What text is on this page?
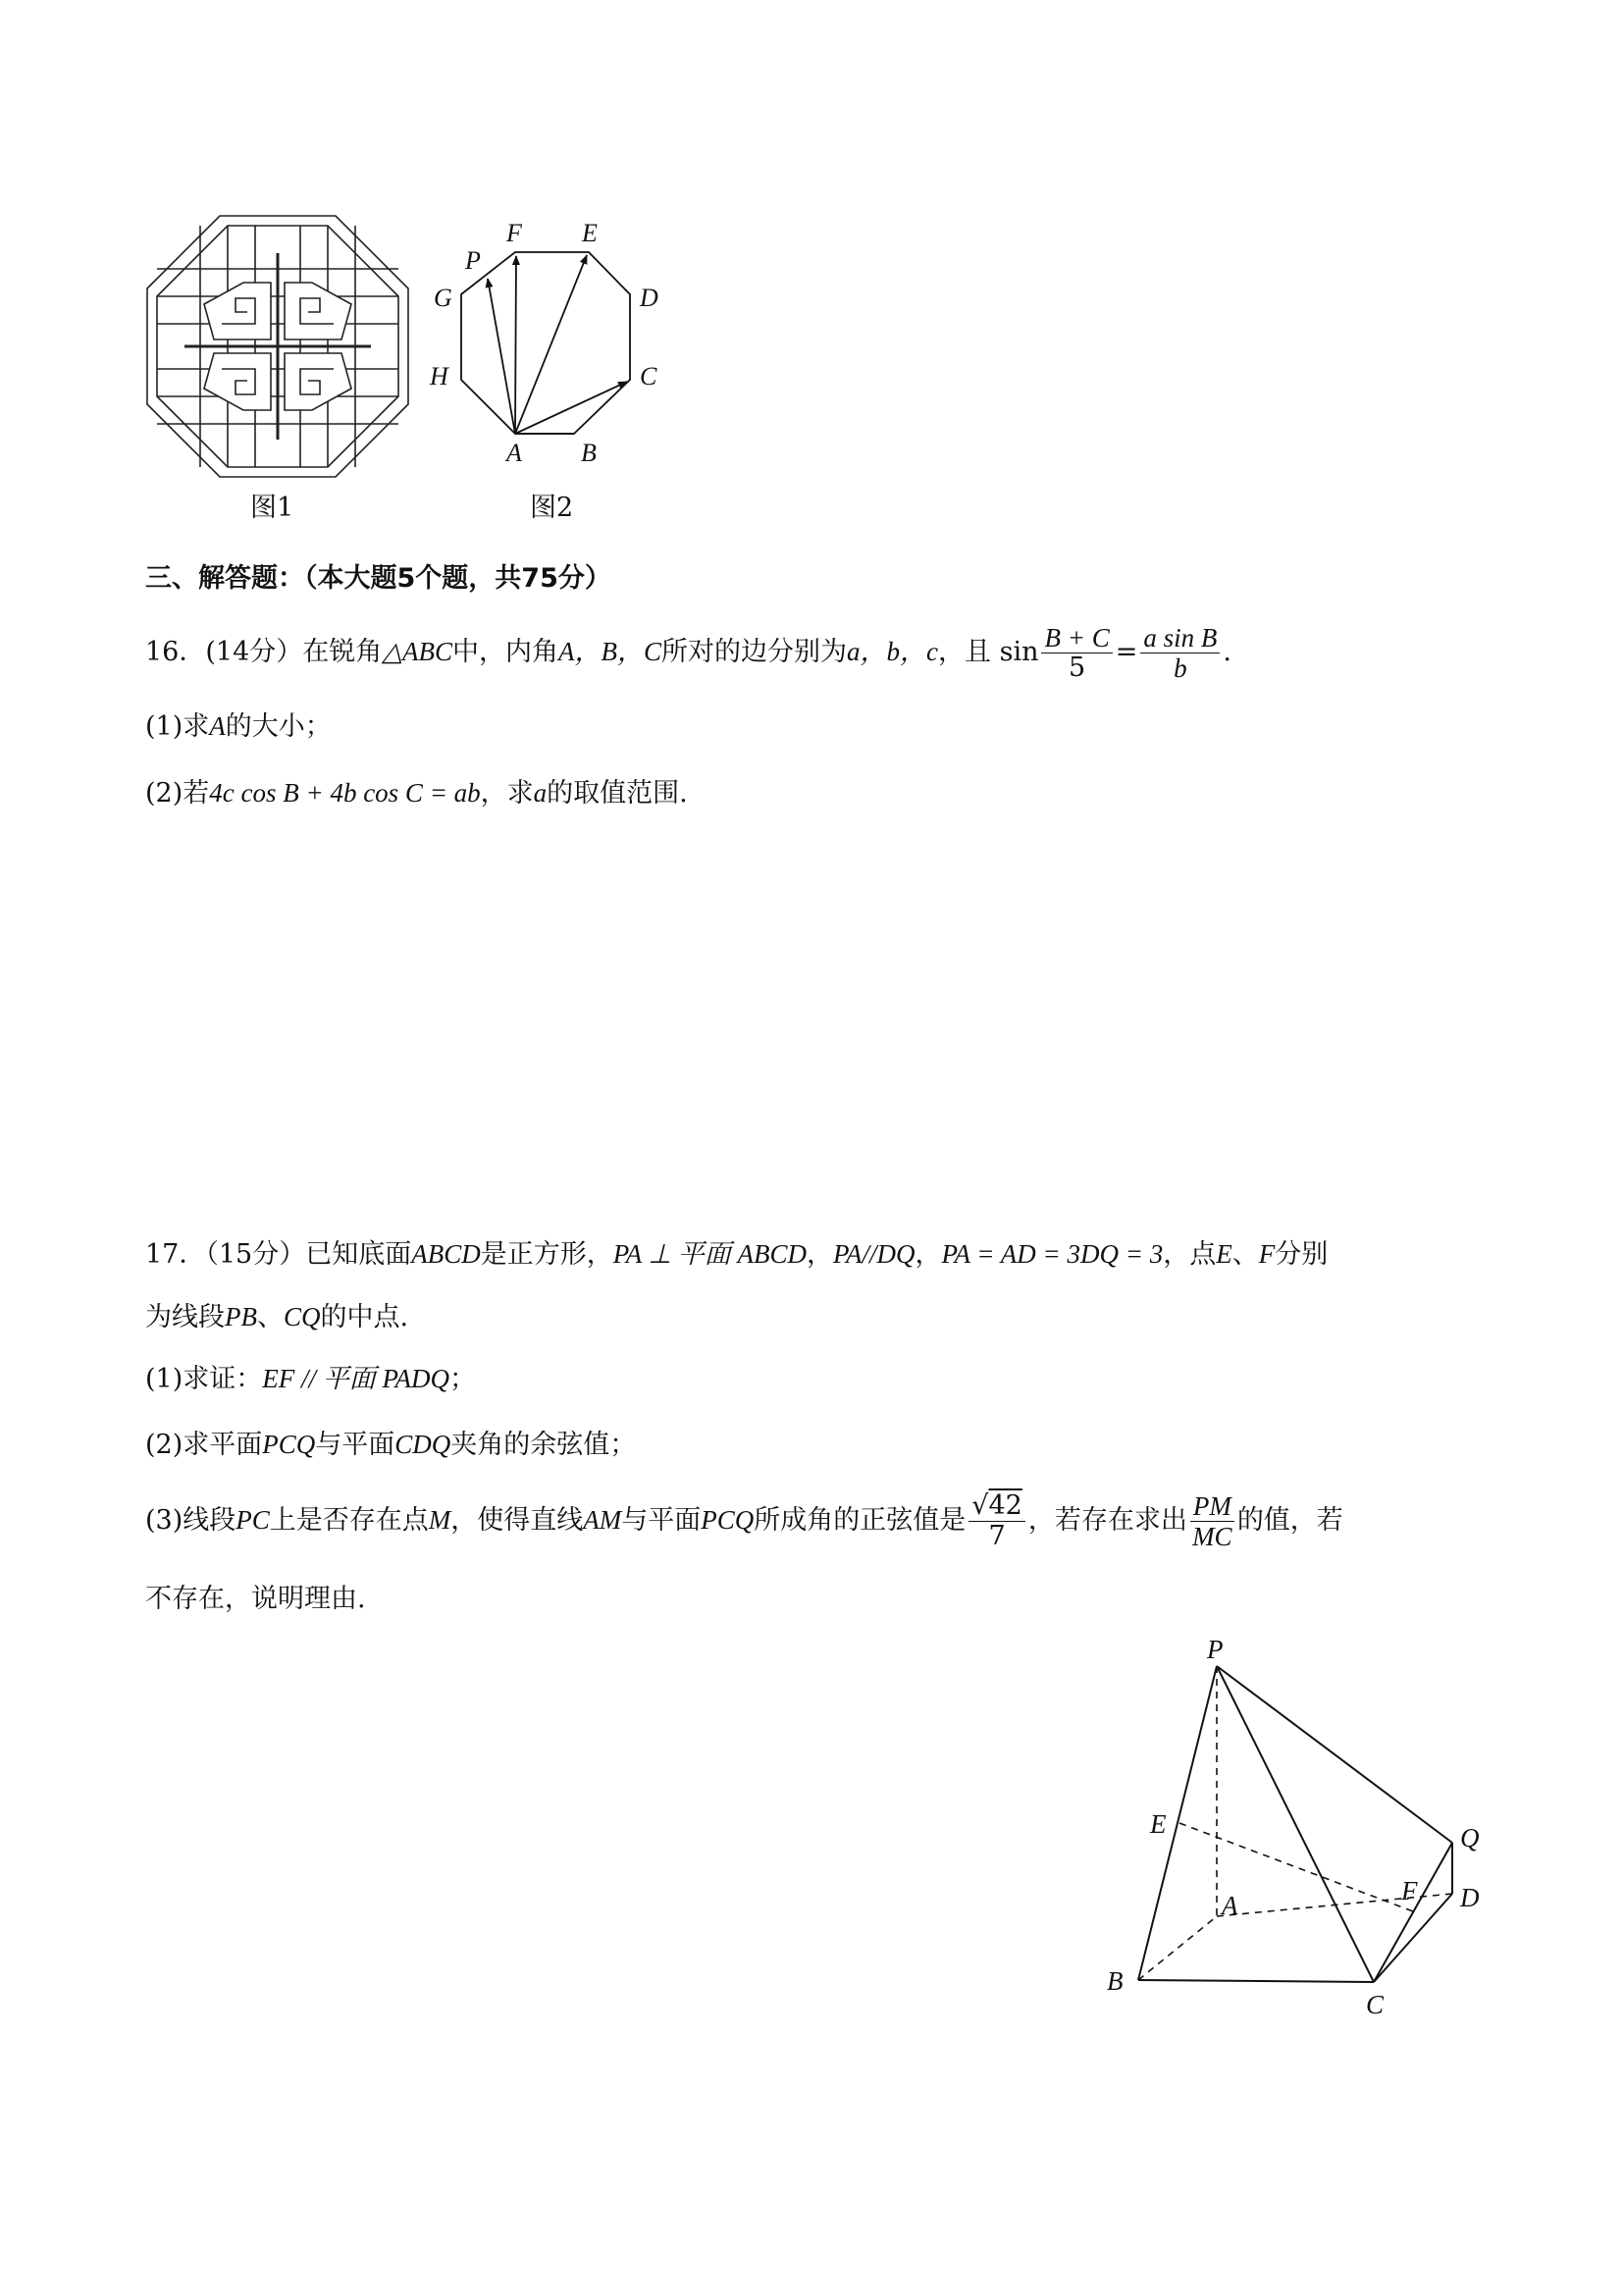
图1
A B
C
D
E
F
G
H
P
图2
三、解答题：（本大题5个题，共75分）
16．(14分）在锐角△ABC中，内角A，B，C所对的边分别为a，b，c，且 $\sin \frac{B + C}{5} = \frac{\text{a sin B}}{b}$ .
(1)求A的大小；
(2)若4c cos B + 4b cos C = ab，求a的取值范围.
17．（15分）已知底面ABCD是正方形，PA ⊥ 平面 ABCD，PA//DQ，PA = AD = 3DQ = 3，点E、F分别
为线段PB、CQ的中点.
(1)求证：EF // 平面 PADQ；
(2)求平面PCQ与平面CDQ夹角的余弦值；
(3)线段PC上是否存在点M，使得直线AM与平面PCQ所成角的正弦值是 $\frac{√42}{7}$ ，若存在求出 $\frac{PM}{MC}$ 的值，若
不存在，说明理由.
P
E
A
Q
F D
B
C
